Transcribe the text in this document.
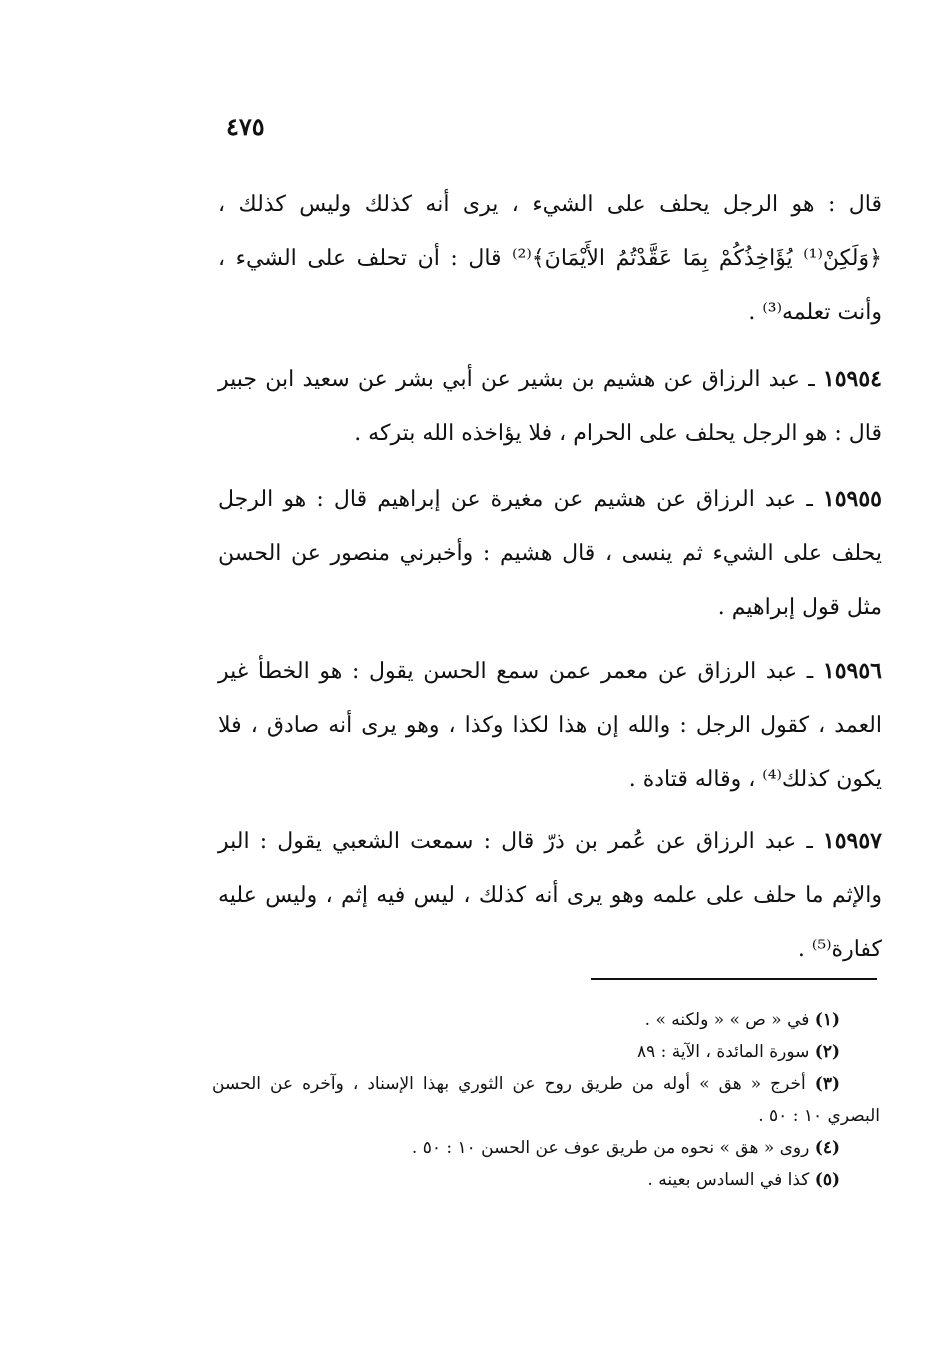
٤٧٥
قال : هو الرجل يحلف على الشيء ، يرى أنه كذلك وليس كذلك ، ﴿وَلَكِنْ⁽¹⁾ يُؤَاخِذُكُمْ بِمَا عَقَّدْتُمُ الأَيْمَانَ﴾⁽²⁾ قال : أن تحلف على الشيء ، وأنت تعلمه⁽³⁾ .
١٥٩٥٤ ـ عبد الرزاق عن هشيم بن بشير عن أبي بشر عن سعيد ابن جبير قال : هو الرجل يحلف على الحرام ، فلا يؤاخذه الله بتركه .
١٥٩٥٥ ـ عبد الرزاق عن هشيم عن مغيرة عن إبراهيم قال : هو الرجل يحلف على الشيء ثم ينسى ، قال هشيم : وأخبرني منصور عن الحسن مثل قول إبراهيم .
١٥٩٥٦ ـ عبد الرزاق عن معمر عمن سمع الحسن يقول : هو الخطأ غير العمد ، كقول الرجل : والله إن هذا لكذا وكذا ، وهو يرى أنه صادق ، فلا يكون كذلك⁽⁴⁾ ، وقاله قتادة .
١٥٩٥٧ ـ عبد الرزاق عن عُمر بن ذرّ قال : سمعت الشعبي يقول : البر والإثم ما حلف على علمه وهو يرى أنه كذلك ، ليس فيه إثم ، وليس عليه كفارة⁽⁵⁾ .
(١) في « ص » « ولكنه » .
(٢) سورة المائدة ، الآية : ٨٩
(٣) أخرج « هق » أوله من طريق روح عن الثوري بهذا الإسناد ، وآخره عن الحسن البصري ١٠ : ٥٠ .
(٤) روى « هق » نحوه من طريق عوف عن الحسن ١٠ : ٥٠ .
(٥) كذا في السادس بعينه .
